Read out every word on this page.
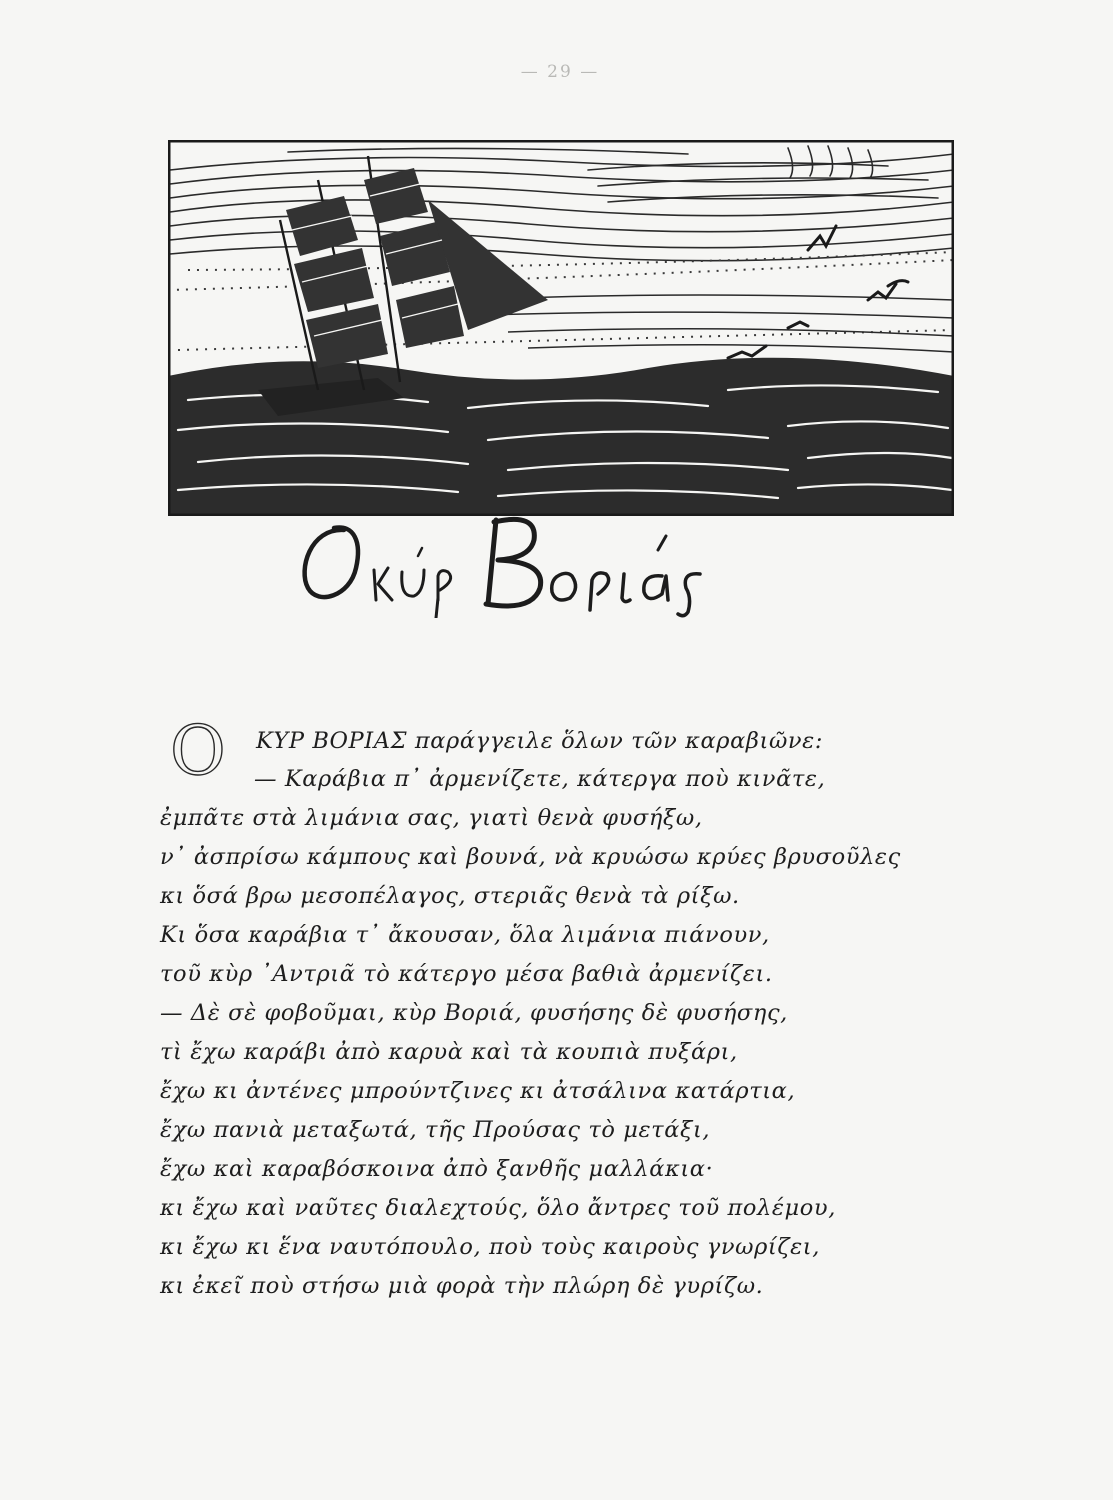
— 29 —
Ο ΚΥΡ ΒΟΡΙΑΣ παράγγειλε ὅλων τῶν καραβιῶνε:
— Καράβια π᾽ ἀρμενίζετε, κάτεργα ποὺ κινᾶτε,
ἐμπᾶτε στὰ λιμάνια σας, γιατὶ θενὰ φυσήξω,
ν᾽ ἀσπρίσω κάμπους καὶ βουνά, νὰ κρυώσω κρύες βρυσοῦλες
κι ὅσά βρω μεσοπέλαγος, στεριᾶς θενὰ τὰ ρίξω.
Κι ὅσα καράβια τ᾽ ἄκουσαν, ὅλα λιμάνια πιάνουν,
τοῦ κὺρ ᾿Αντριᾶ τὸ κάτεργο μέσα βαθιὰ ἀρμενίζει.
— Δὲ σὲ φοβοῦμαι, κὺρ Βοριά, φυσήσης δὲ φυσήσης,
τὶ ἔχω καράβι ἀπὸ καρυὰ καὶ τὰ κουπιὰ πυξάρι,
ἔχω κι ἀντένες μπρούντζινες κι ἀτσάλινα κατάρτια,
ἔχω πανιὰ μεταξωτά, τῆς Προύσας τὸ μετάξι,
ἔχω καὶ καραβόσκοινα ἀπὸ ξανθῆς μαλλάκια·
κι ἔχω καὶ ναῦτες διαλεχτούς, ὅλο ἄντρες τοῦ πολέμου,
κι ἔχω κι ἕνα ναυτόπουλο, ποὺ τοὺς καιροὺς γνωρίζει,
κι ἐκεῖ ποὺ στήσω μιὰ φορὰ τὴν πλώρη δὲ γυρίζω.
